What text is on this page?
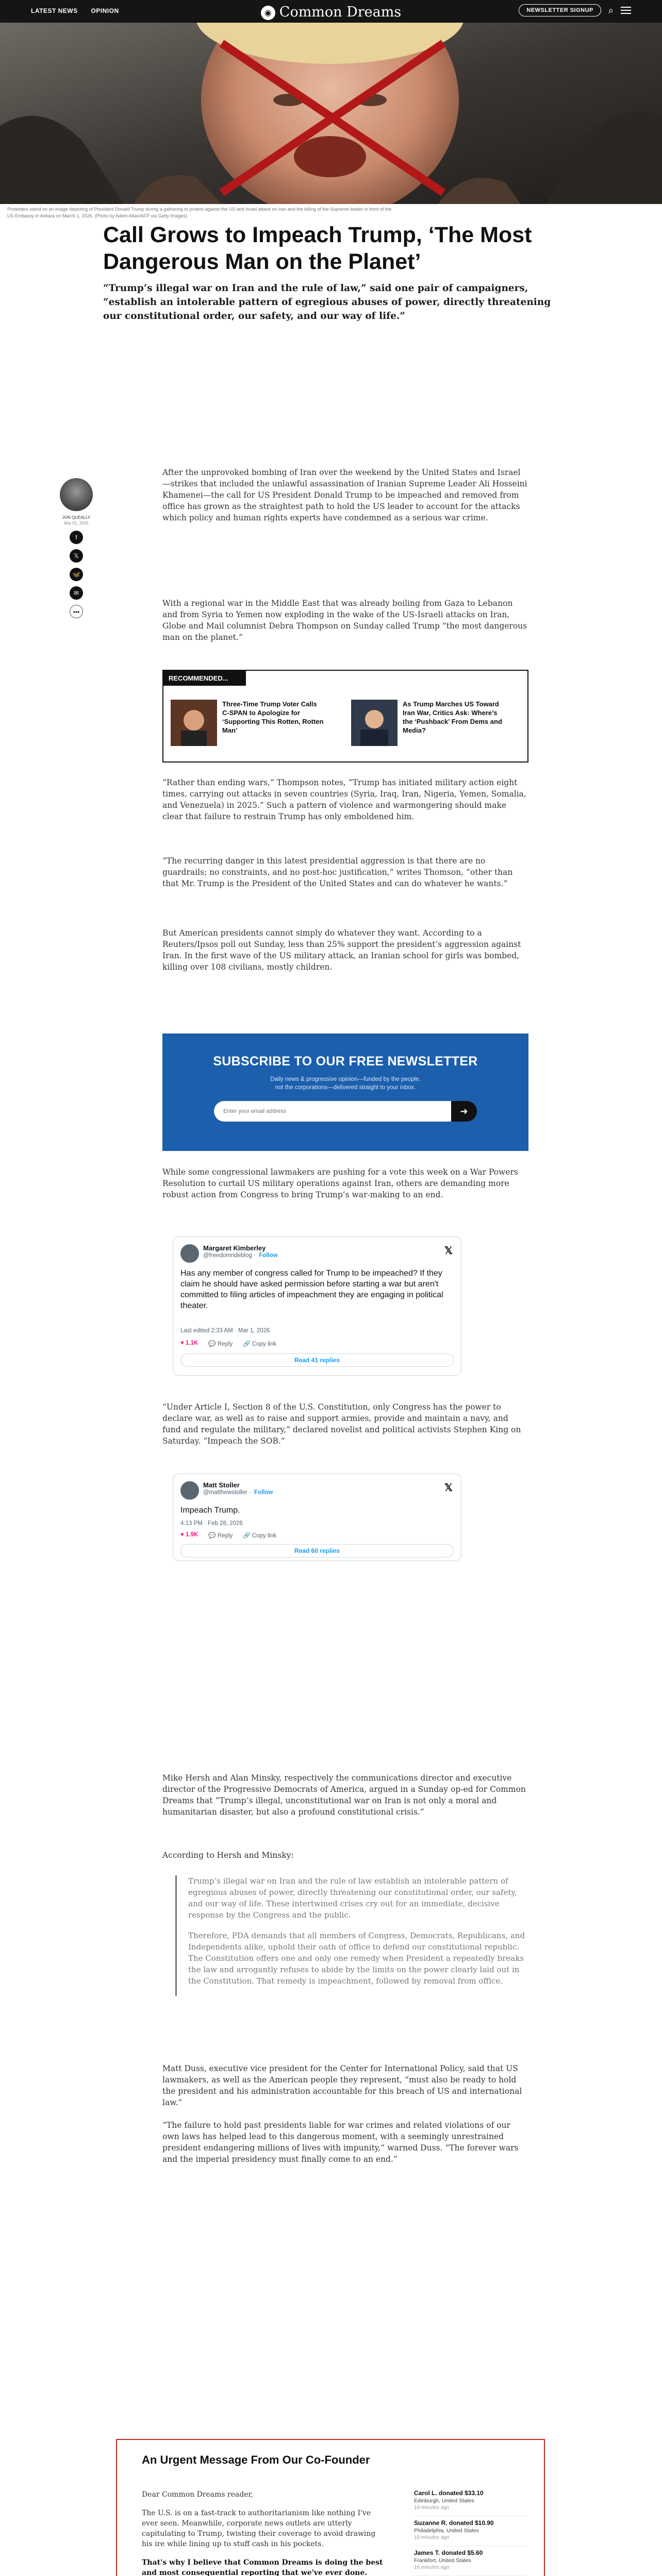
LATEST NEWS OPINION	◉ Common Dreams	NEWSLETTER SIGNUP	⌕
Protesters stand on an image depicting of President Donald Trump during a gathering to protest against the US and Israel attack on Iran and the killing of the Supreme leader in front of the US Embassy in Ankara on March 1, 2026. (Photo by Adem Altan/AFP via Getty Images)
Call Grows to Impeach Trump, ‘The Most Dangerous Man on the Planet’

“Trump’s illegal war on Iran and the rule of law,” said one pair of campaigners, “establish an intolerable pattern of egregious abuses of power, directly threatening our constitutional order, our safety, and our way of life.”

JON QUEALLY
Mar 01, 2026
f
𝕏
🦋
✉
•••

After the unprovoked bombing of Iran over the weekend by the United States and Israel—strikes that included the unlawful assassination of Iranian Supreme Leader Ali Hosseini Khamenei—the call for US President Donald Trump to be impeached and removed from office has grown as the straightest path to hold the US leader to account for the attacks which policy and human rights experts have condemned as a serious war crime.

With a regional war in the Middle East that was already boiling from Gaza to Lebanon and from Syria to Yemen now exploding in the wake of the US-Israeli attacks on Iran, Globe and Mail columnist Debra Thompson on Sunday called Trump “the most dangerous man on the planet.”

RECOMMENDED...
Three-Time Trump Voter Calls C-SPAN to Apologize for ‘Supporting This Rotten, Rotten Man’
As Trump Marches US Toward Iran War, Critics Ask: Where’s the ‘Pushback’ From Dems and Media?

“Rather than ending wars,” Thompson notes, “Trump has initiated military action eight times, carrying out attacks in seven countries (Syria, Iraq, Iran, Nigeria, Yemen, Somalia, and Venezuela) in 2025.” Such a pattern of violence and warmongering should make clear that failure to restrain Trump has only emboldened him.

“The recurring danger in this latest presidential aggression is that there are no guardrails; no constraints, and no post-hoc justification,” writes Thomson, “other than that Mr. Trump is the President of the United States and can do whatever he wants.”

But American presidents cannot simply do whatever they want. According to a Reuters/Ipsos poll out Sunday, less than 25% support the president’s aggression against Iran. In the first wave of the US military attack, an Iranian school for girls was bombed, killing over 108 civilians, mostly children.

SUBSCRIBE TO OUR FREE NEWSLETTER
Daily news & progressive opinion—funded by the people,
not the corporations—delivered straight to your inbox.
Enter your email address
➜

While some congressional lawmakers are pushing for a vote this week on a War Powers Resolution to curtail US military operations against Iran, others are demanding more robust action from Congress to bring Trump’s war-making to an end.

Margaret Kimberley
@freedomrideblog · Follow	𝕏
Has any member of congress called for Trump to be impeached? If they claim he should have asked permission before starting a war but aren't committed to filing articles of impeachment they are engaging in political theater.
Last edited 2:33 AM · Mar 1, 2026
♥ 1.1K 💬 Reply 🔗 Copy link
Read 41 replies

“Under Article I, Section 8 of the U.S. Constitution, only Congress has the power to declare war, as well as to raise and support armies, provide and maintain a navy, and fund and regulate the military,” declared novelist and political activists Stephen King on Saturday. “Impeach the SOB.”

Matt Stoller
@matthewstoller · Follow	𝕏
Impeach Trump.
4:13 PM · Feb 28, 2026
♥ 1.9K 💬 Reply 🔗 Copy link
Read 60 replies

Mike Hersh and Alan Minsky, respectively the communications director and executive director of the Progressive Democrats of America, argued in a Sunday op-ed for Common Dreams that “Trump’s illegal, unconstitutional war on Iran is not only a moral and humanitarian disaster, but also a profound constitutional crisis.”

According to Hersh and Minsky:

Trump’s illegal war on Iran and the rule of law establish an intolerable pattern of egregious abuses of power, directly threatening our constitutional order, our safety, and our way of life. These intertwined crises cry out for an immediate, decisive response by the Congress and the public.

Therefore, PDA demands that all members of Congress, Democrats, Republicans, and Independents alike, uphold their oath of office to defend our constitutional republic. The Constitution offers one and only one remedy when President a repeatedly breaks the law and arrogantly refuses to abide by the limits on the power clearly laid out in the Constitution. That remedy is impeachment, followed by removal from office.

Matt Duss, executive vice president for the Center for International Policy, said that US lawmakers, as well as the American people they represent, “must also be ready to hold the president and his administration accountable for this breach of US and international law.”

“The failure to hold past presidents liable for war crimes and related violations of our own laws has helped lead to this dangerous moment, with a seemingly unrestrained president endangering millions of lives with impunity,” warned Duss. “The forever wars and the imperial presidency must finally come to an end.”

An Urgent Message From Our Co-Founder

Dear Common Dreams reader,

The U.S. is on a fast-track to authoritarianism like nothing I've ever seen. Meanwhile, corporate news outlets are utterly capitulating to Trump, twisting their coverage to avoid drawing his ire while lining up to stuff cash in his pockets.

That's why I believe that Common Dreams is doing the best and most consequential reporting that we've ever done.

Carol L. donated $33.10
Edinburgh, United States
19 minutes ago
Suzanne R. donated $10.90
Philadelphia, United States
19 minutes ago
James T. donated $5.60
Frankfort, United States
16 minutes ago
